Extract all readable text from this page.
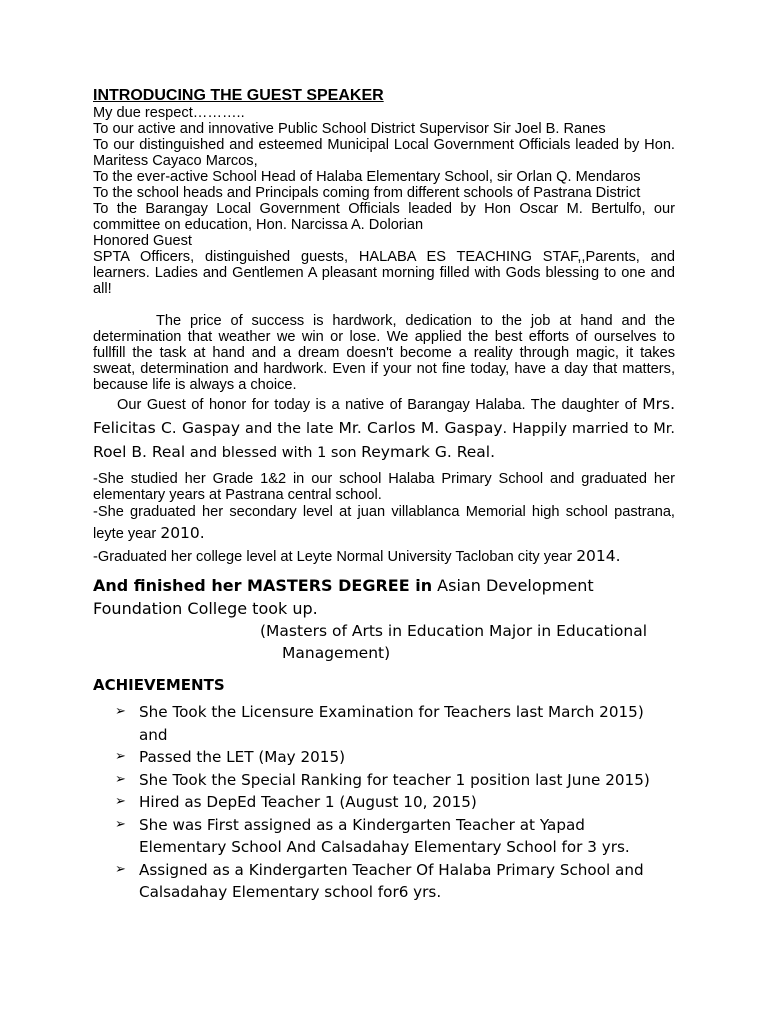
INTRODUCING THE GUEST SPEAKER

My due respect………..

To our active and innovative Public School District Supervisor Sir Joel B. Ranes

To our distinguished and esteemed Municipal Local Government Officials leaded by Hon. Maritess Cayaco Marcos,

To the ever-active School Head of Halaba Elementary School, sir Orlan Q. Mendaros

To the school heads and Principals coming from different schools of Pastrana District

To the Barangay Local Government Officials leaded by Hon Oscar M. Bertulfo, our committee on education, Hon. Narcissa A. Dolorian

Honored Guest

SPTA Officers, distinguished guests, HALABA ES TEACHING STAF,,Parents, and learners. Ladies and Gentlemen A pleasant morning filled with Gods blessing to one and all!

The price of success is hardwork, dedication to the job at hand and the determination that weather we win or lose. We applied the best efforts of ourselves to fullfill the task at hand and a dream doesn't become a reality through magic, it takes sweat, determination and hardwork. Even if your not fine today, have a day that matters, because life is always a choice.

Our Guest of honor for today is a native of Barangay Halaba. The daughter of Mrs. Felicitas C. Gaspay and the late Mr. Carlos M. Gaspay. Happily married to Mr. Roel B. Real and blessed with 1 son Reymark G. Real.

-She studied her Grade 1&2 in our school Halaba Primary School and graduated her elementary years at Pastrana central school.

-She graduated her secondary level at juan villablanca Memorial high school pastrana, leyte year 2010.

-Graduated her college level at Leyte Normal University Tacloban city year 2014.

And finished her MASTERS DEGREE in Asian Development Foundation College took up.

(Masters of Arts in Education Major in Educational

Management)

ACHIEVEMENTS

➢ She Took the Licensure Examination for Teachers last March 2015) and
➢ Passed the LET (May 2015)
➢ She Took the Special Ranking for teacher 1 position last June 2015)
➢ Hired as DepEd Teacher 1 (August 10, 2015)
➢ She was First assigned as a Kindergarten Teacher at Yapad Elementary School And Calsadahay Elementary School for 3 yrs.
➢ Assigned as a Kindergarten Teacher Of Halaba Primary School and Calsadahay Elementary school for6 yrs.
